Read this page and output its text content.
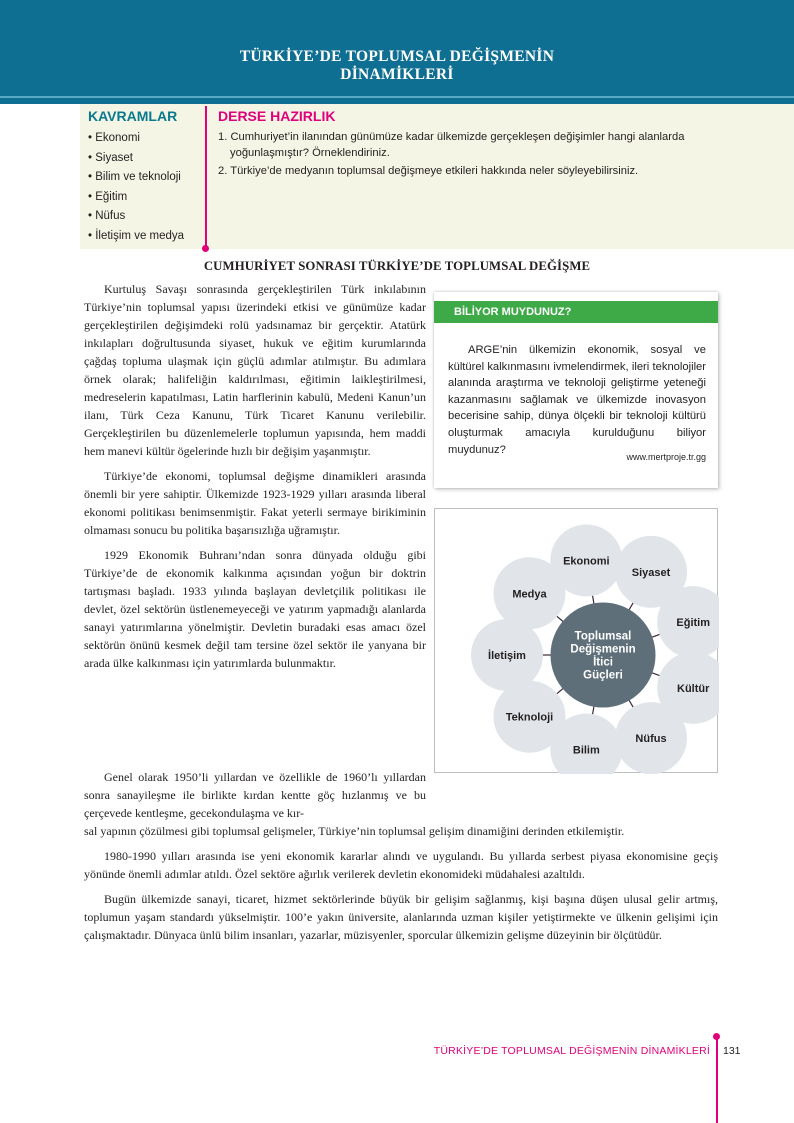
TÜRKİYE’DE TOPLUMSAL DEĞİŞMENİN
DİNAMİKLERİ
KAVRAMLAR
• Ekonomi
• Siyaset
• Bilim ve teknoloji
• Eğitim
• Nüfus
• İletişim ve medya
DERSE HAZIRLIK
1. Cumhuriyet’in ilanından günümüze kadar ülkemizde gerçekleşen değişimler hangi alanlarda yoğunlaşmıştır? Örneklendiriniz.
2. Türkiye’de medyanın toplumsal değişmeye etkileri hakkında neler söyleyebilirsiniz.
CUMHURİYET SONRASI TÜRKİYE’DE TOPLUMSAL DEĞİŞME

Kurtuluş Savaşı sonrasında gerçekleştirilen Türk inkılabının Türkiye’nin toplumsal yapısı üzerindeki etkisi ve günümüze kadar gerçekleştirilen değişimdeki rolü yadsınamaz bir gerçektir. Atatürk inkılapları doğrultusunda siyaset, hukuk ve eğitim kurumlarında çağdaş topluma ulaşmak için güçlü adımlar atılmıştır. Bu adımlara örnek olarak; halifeliğin kaldırılması, eğitimin laikleştirilmesi, medreselerin kapatılması, Latin harflerinin kabulü, Medeni Kanun’un ilanı, Türk Ceza Kanunu, Türk Ticaret Kanunu verilebilir. Gerçekleştirilen bu düzenlemelerle toplumun yapısında, hem maddi hem manevi kültür ögelerinde hızlı bir değişim yaşanmıştır.

Türkiye’de ekonomi, toplumsal değişme dinamikleri arasında önemli bir yere sahiptir. Ülkemizde 1923-1929 yılları arasında liberal ekonomi politikası benimsenmiştir. Fakat yeterli sermaye birikiminin olmaması sonucu bu politika başarısızlığa uğramıştır.

1929 Ekonomik Buhranı’ndan sonra dünyada olduğu gibi Türkiye’de de ekonomik kalkınma açısından yoğun bir doktrin tartışması başladı. 1933 yılında başlayan devletçilik politikası ile devlet, özel sektörün üstlenemeyeceği ve yatırım yapmadığı alanlarda sanayi yatırımlarına yönelmiştir. Devletin buradaki esas amacı özel sektörün önünü kesmek değil tam tersine özel sektör ile yanyana bir arada ülke kalkınması için yatırımlarda bulunmaktır.

Genel olarak 1950’li yıllardan ve özellikle de 1960’lı yıllardan sonra sanayileşme ile birlikte kırdan kentte göç hızlanmış ve bu çerçevede kentleşme, gecekondulaşma ve kır-

sal yapının çözülmesi gibi toplumsal gelişmeler, Türkiye’nin toplumsal gelişim dinamiğini derinden etkilemiştir.

1980-1990 yılları arasında ise yeni ekonomik kararlar alındı ve uygulandı. Bu yıllarda serbest piyasa ekonomisine geçiş yönünde önemli adımlar atıldı. Özel sektöre ağırlık verilerek devletin ekonomideki müdahalesi azaltıldı.

Bugün ülkemizde sanayi, ticaret, hizmet sektörlerinde büyük bir gelişim sağlanmış, kişi başına düşen ulusal gelir artmış, toplumun yaşam standardı yükselmiştir. 100’e yakın üniversite, alanlarında uzman kişiler yetiştirmekte ve ülkenin gelişimi için çalışmaktadır. Dünyaca ünlü bilim insanları, yazarlar, müzisyenler, sporcular ülkemizin gelişme düzeyinin bir ölçütüdür.

BİLİYOR MUYDUNUZ?

ARGE’nin ülkemizin ekonomik, sosyal ve kültürel kalkınmasını ivmelendirmek, ileri teknolojiler alanında araştırma ve teknoloji geliştirme yeteneği kazanmasını sağlamak ve ülkemizde inovasyon becerisine sahip, dünya ölçekli bir teknoloji kültürü oluşturmak amacıyla kurulduğunu biliyor muydunuz?

www.mertproje.tr.gg
Ekonomi
Siyaset
Eğitim
Kültür
Nüfus
Bilim
Teknoloji
İletişim
Medya
Toplumsal
Değişmenin
İtici
Güçleri
TÜRKİYE’DE TOPLUMSAL DEĞİŞMENİN DİNAMİKLERİ 131
